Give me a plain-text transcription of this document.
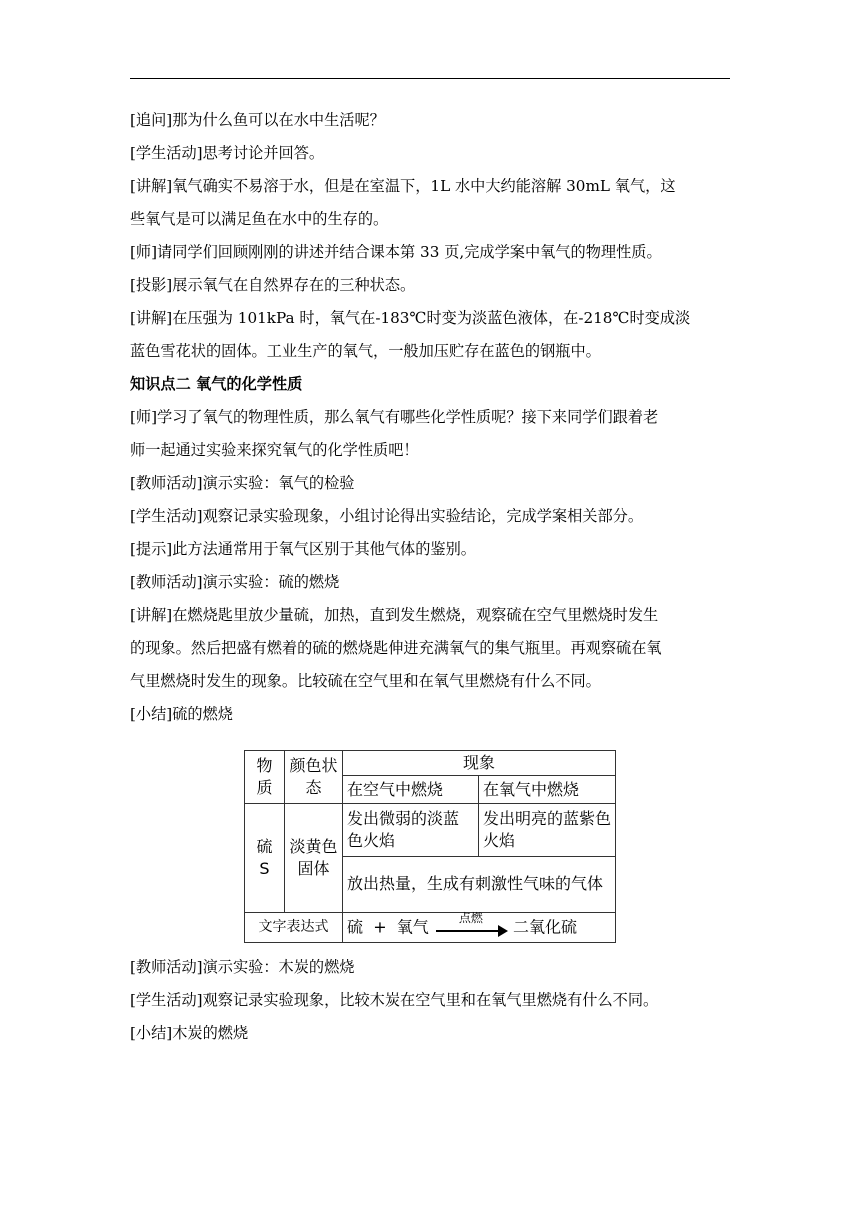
[追问]那为什么鱼可以在水中生活呢？
[学生活动]思考讨论并回答。
[讲解]氧气确实不易溶于水，但是在室温下，1L 水中大约能溶解 30mL 氧气，这
些氧气是可以满足鱼在水中的生存的。
[师]请同学们回顾刚刚的讲述并结合课本第 33 页,完成学案中氧气的物理性质。
[投影]展示氧气在自然界存在的三种状态。
[讲解]在压强为 101kPa 时，氧气在-183℃时变为淡蓝色液体，在-218℃时变成淡
蓝色雪花状的固体。工业生产的氧气，一般加压贮存在蓝色的钢瓶中。
知识点二 氧气的化学性质
[师]学习了氧气的物理性质，那么氧气有哪些化学性质呢？接下来同学们跟着老
师一起通过实验来探究氧气的化学性质吧！
[教师活动]演示实验：氧气的检验
[学生活动]观察记录实验现象，小组讨论得出实验结论，完成学案相关部分。
[提示]此方法通常用于氧气区别于其他气体的鉴别。
[教师活动]演示实验：硫的燃烧
[讲解]在燃烧匙里放少量硫，加热，直到发生燃烧，观察硫在空气里燃烧时发生
的现象。然后把盛有燃着的硫的燃烧匙伸进充满氧气的集气瓶里。再观察硫在氧
气里燃烧时发生的现象。比较硫在空气里和在氧气里燃烧有什么不同。
[小结]硫的燃烧
物质	颜色状态	现象	
		在空气中燃烧	在氧气中燃烧

硫
S	淡黄色固体	发出微弱的淡蓝色火焰	发出明亮的蓝紫色火焰
		放出热量，生成有刺激性气味的气体	
文字表达式		硫 + 氧气 点燃 二氧化硫	
[教师活动]演示实验：木炭的燃烧
[学生活动]观察记录实验现象，比较木炭在空气里和在氧气里燃烧有什么不同。
[小结]木炭的燃烧
